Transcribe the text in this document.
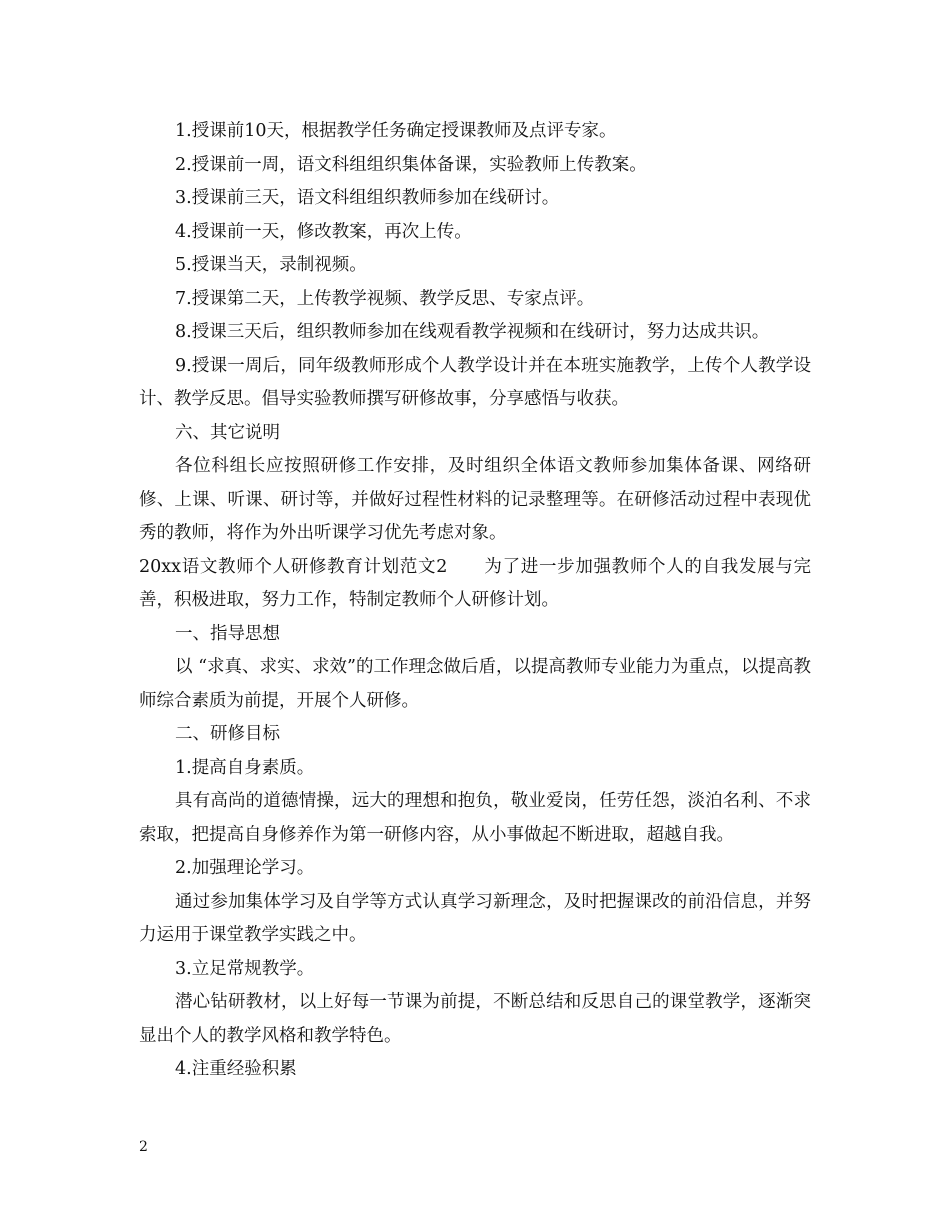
1.授课前10天，根据教学任务确定授课教师及点评专家。

2.授课前一周，语文科组组织集体备课，实验教师上传教案。

3.授课前三天，语文科组组织教师参加在线研讨。

4.授课前一天，修改教案，再次上传。

5.授课当天，录制视频。

7.授课第二天，上传教学视频、教学反思、专家点评。

8.授课三天后，组织教师参加在线观看教学视频和在线研讨，努力达成共识。

9.授课一周后，同年级教师形成个人教学设计并在本班实施教学，上传个人教学设计、教学反思。倡导实验教师撰写研修故事，分享感悟与收获。

六、其它说明

各位科组长应按照研修工作安排，及时组织全体语文教师参加集体备课、网络研修、上课、听课、研讨等，并做好过程性材料的记录整理等。在研修活动过程中表现优秀的教师，将作为外出听课学习优先考虑对象。

20xx语文教师个人研修教育计划范文2　　为了进一步加强教师个人的自我发展与完善，积极进取，努力工作，特制定教师个人研修计划。

一、指导思想

以 “求真、求实、求效”的工作理念做后盾，以提高教师专业能力为重点，以提高教师综合素质为前提，开展个人研修。

二、研修目标

1.提高自身素质。

具有高尚的道德情操，远大的理想和抱负，敬业爱岗，任劳任怨，淡泊名利、不求索取，把提高自身修养作为第一研修内容，从小事做起不断进取，超越自我。

2.加强理论学习。

通过参加集体学习及自学等方式认真学习新理念，及时把握课改的前沿信息，并努力运用于课堂教学实践之中。

3.立足常规教学。

潜心钻研教材，以上好每一节课为前提，不断总结和反思自己的课堂教学，逐渐突显出个人的教学风格和教学特色。

4.注重经验积累

2
